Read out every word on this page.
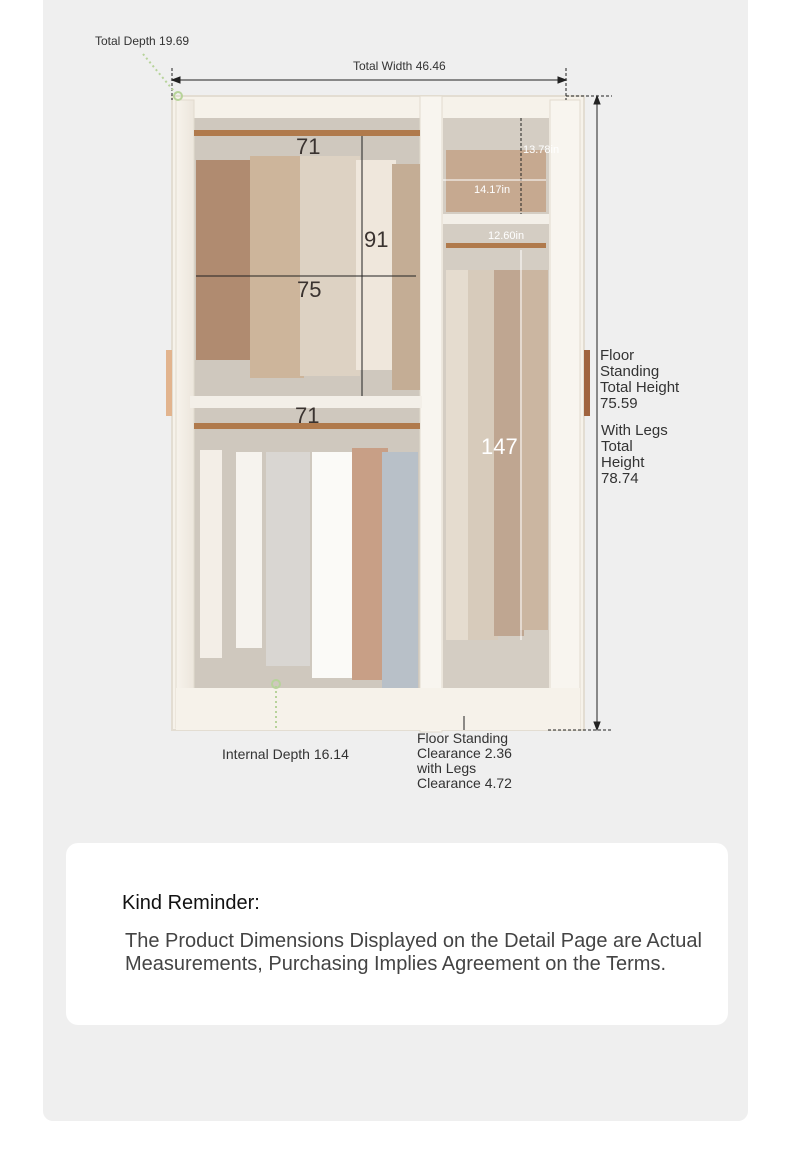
Total Depth 19.69
Total Width 46.46
13.78in
14.17in
12.60in
71
91
75
71
147
Floor
Standing
Total Height
75.59
With Legs
Total
Height
78.74
Internal Depth 16.14
Floor Standing
Clearance 2.36
with Legs
Clearance 4.72
Kind Reminder:
The Product Dimensions Displayed on the Detail Page are Actual Measurements, Purchasing Implies Agreement on the Terms.
